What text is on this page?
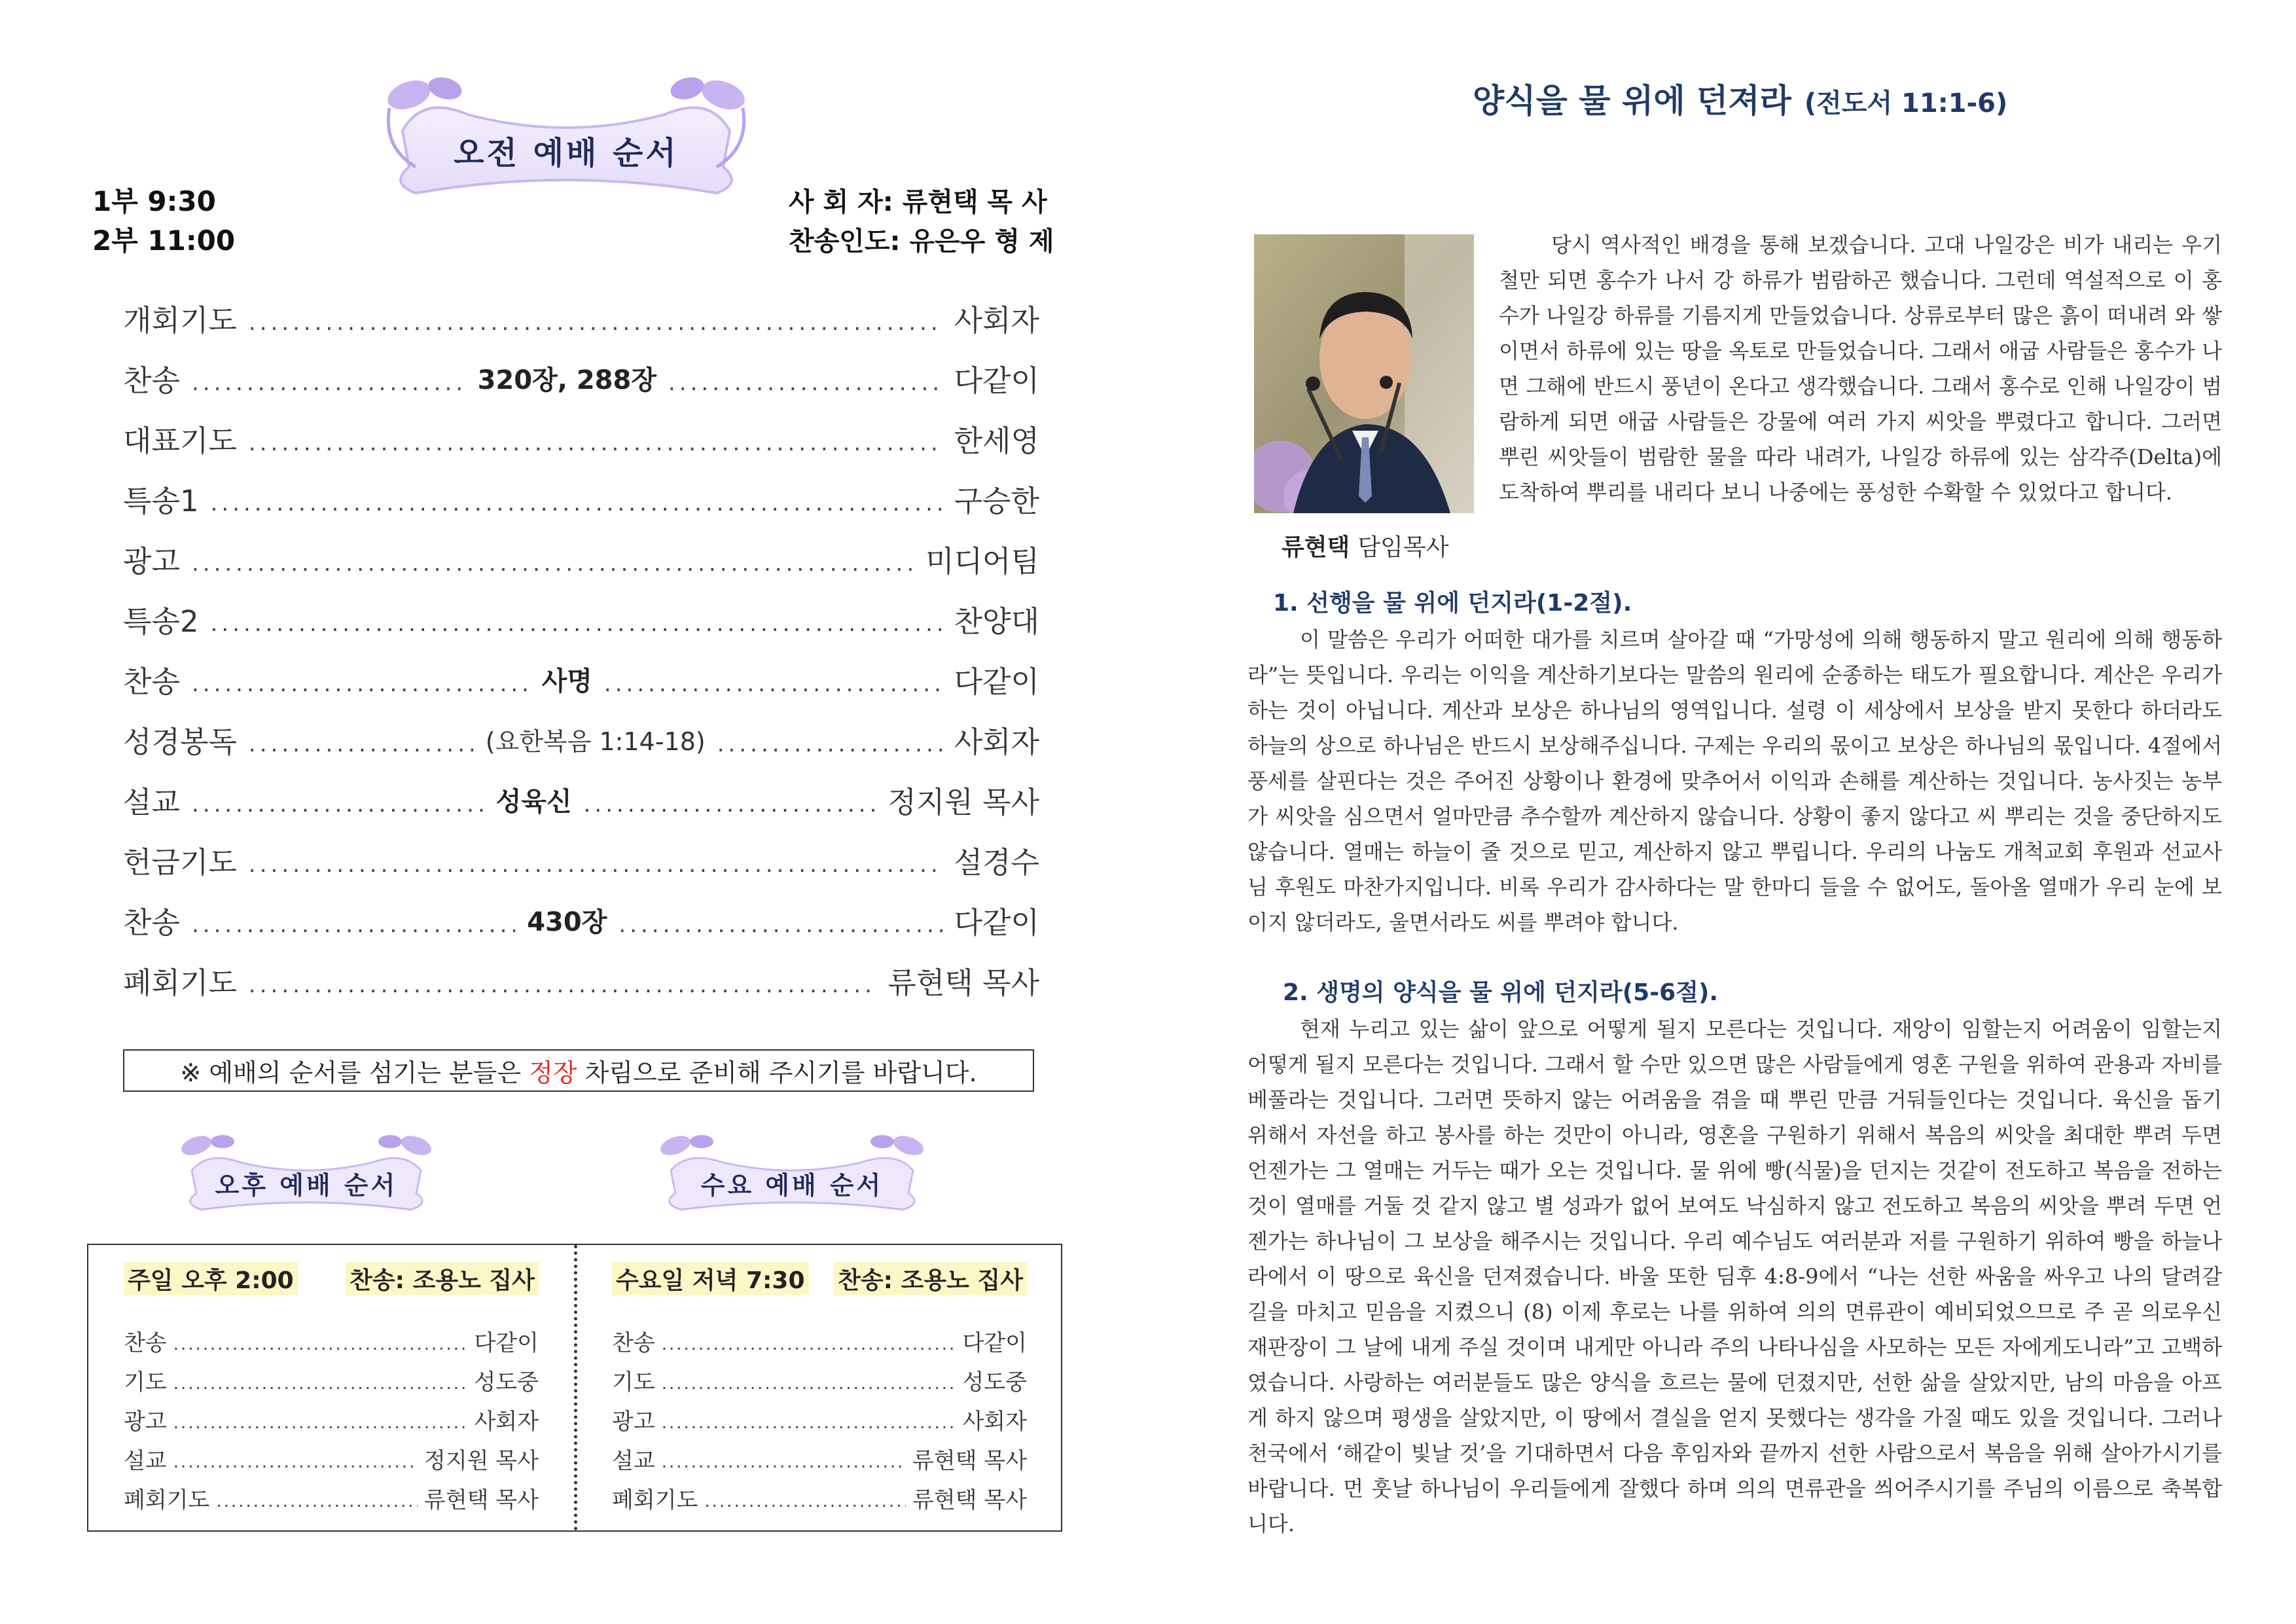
오전 예배 순서
1부 9:30
2부 11:00
사 회 자: 류현택 목 사
찬송인도: 유은우 형 제
개회기도 .....	사회자
찬송 .....	320장, 288장 .....	다같이
대표기도 .....	한세영
특송1 .....	구승한
광고 .....	미디어팀
특송2 .....	찬양대
찬송 .....	사명 .....	다같이
성경봉독 .....	(요한복음 1:14-18) .....	사회자
설교 .....	성육신 .....	정지원 목사
헌금기도 .....	설경수
찬송 .....	430장 .....	다같이
폐회기도 .....	류현택 목사
※ 예배의 순서를 섬기는 분들은 정장 차림으로 준비해 주시기를 바랍니다.
오후 예배 순서	수요 예배 순서
주일 오후 2:00 찬송: 조용노 집사
찬송 .....	다같이
기도 .....	성도중
광고 .....	사회자
설교 .....	정지원 목사
폐회기도 .....	류현택 목사
수요일 저녁 7:30 찬송: 조용노 집사
찬송 .....	다같이
기도 .....	성도중
광고 .....	사회자
설교 .....	류현택 목사
폐회기도 .....	류현택 목사
양식을 물 위에 던져라 (전도서 11:1-6)
류현택 담임목사

당시 역사적인 배경을 통해 보겠습니다. 고대 나일강은 비가 내리는 우기철만 되면 홍수가 나서 강 하류가 범람하곤 했습니다. 그런데 역설적으로 이 홍수가 나일강 하류를 기름지게 만들었습니다. 상류로부터 많은 흙이 떠내려 와 쌓이면서 하류에 있는 땅을 옥토로 만들었습니다. 그래서 애굽 사람들은 홍수가 나면 그해에 반드시 풍년이 온다고 생각했습니다. 그래서 홍수로 인해 나일강이 범람하게 되면 애굽 사람들은 강물에 여러 가지 씨앗을 뿌렸다고 합니다. 그러면 뿌린 씨앗들이 범람한 물을 따라 내려가, 나일강 하류에 있는 삼각주(Delta)에 도착하여 뿌리를 내리다 보니 나중에는 풍성한 수확할 수 있었다고 합니다.

1. 선행을 물 위에 던지라(1-2절).

이 말씀은 우리가 어떠한 대가를 치르며 살아갈 때 “가망성에 의해 행동하지 말고 원리에 의해 행동하라”는 뜻입니다. 우리는 이익을 계산하기보다는 말씀의 원리에 순종하는 태도가 필요합니다. 계산은 우리가 하는 것이 아닙니다. 계산과 보상은 하나님의 영역입니다. 설령 이 세상에서 보상을 받지 못한다 하더라도 하늘의 상으로 하나님은 반드시 보상해주십니다. 구제는 우리의 몫이고 보상은 하나님의 몫입니다. 4절에서 풍세를 살핀다는 것은 주어진 상황이나 환경에 맞추어서 이익과 손해를 계산하는 것입니다. 농사짓는 농부가 씨앗을 심으면서 얼마만큼 추수할까 계산하지 않습니다. 상황이 좋지 않다고 씨 뿌리는 것을 중단하지도 않습니다. 열매는 하늘이 줄 것으로 믿고, 계산하지 않고 뿌립니다. 우리의 나눔도 개척교회 후원과 선교사님 후원도 마찬가지입니다. 비록 우리가 감사하다는 말 한마디 들을 수 없어도, 돌아올 열매가 우리 눈에 보이지 않더라도, 울면서라도 씨를 뿌려야 합니다.

2. 생명의 양식을 물 위에 던지라(5-6절).

현재 누리고 있는 삶이 앞으로 어떻게 될지 모른다는 것입니다. 재앙이 임할는지 어려움이 임할는지 어떻게 될지 모른다는 것입니다. 그래서 할 수만 있으면 많은 사람들에게 영혼 구원을 위하여 관용과 자비를 베풀라는 것입니다. 그러면 뜻하지 않는 어려움을 겪을 때 뿌린 만큼 거둬들인다는 것입니다. 육신을 돕기 위해서 자선을 하고 봉사를 하는 것만이 아니라, 영혼을 구원하기 위해서 복음의 씨앗을 최대한 뿌려 두면 언젠가는 그 열매는 거두는 때가 오는 것입니다. 물 위에 빵(식물)을 던지는 것같이 전도하고 복음을 전하는 것이 열매를 거둘 것 같지 않고 별 성과가 없어 보여도 낙심하지 않고 전도하고 복음의 씨앗을 뿌려 두면 언젠가는 하나님이 그 보상을 해주시는 것입니다. 우리 예수님도 여러분과 저를 구원하기 위하여 빵을 하늘나라에서 이 땅으로 육신을 던져졌습니다. 바울 또한 딤후 4:8-9에서 “나는 선한 싸움을 싸우고 나의 달려갈 길을 마치고 믿음을 지켰으니 (8) 이제 후로는 나를 위하여 의의 면류관이 예비되었으므로 주 곧 의로우신 재판장이 그 날에 내게 주실 것이며 내게만 아니라 주의 나타나심을 사모하는 모든 자에게도니라”고 고백하였습니다. 사랑하는 여러분들도 많은 양식을 흐르는 물에 던졌지만, 선한 삶을 살았지만, 남의 마음을 아프게 하지 않으며 평생을 살았지만, 이 땅에서 결실을 얻지 못했다는 생각을 가질 때도 있을 것입니다. 그러나 천국에서 ‘해같이 빛날 것’을 기대하면서 다음 후임자와 끝까지 선한 사람으로서 복음을 위해 살아가시기를 바랍니다. 먼 훗날 하나님이 우리들에게 잘했다 하며 의의 면류관을 씌어주시기를 주님의 이름으로 축복합니다.
